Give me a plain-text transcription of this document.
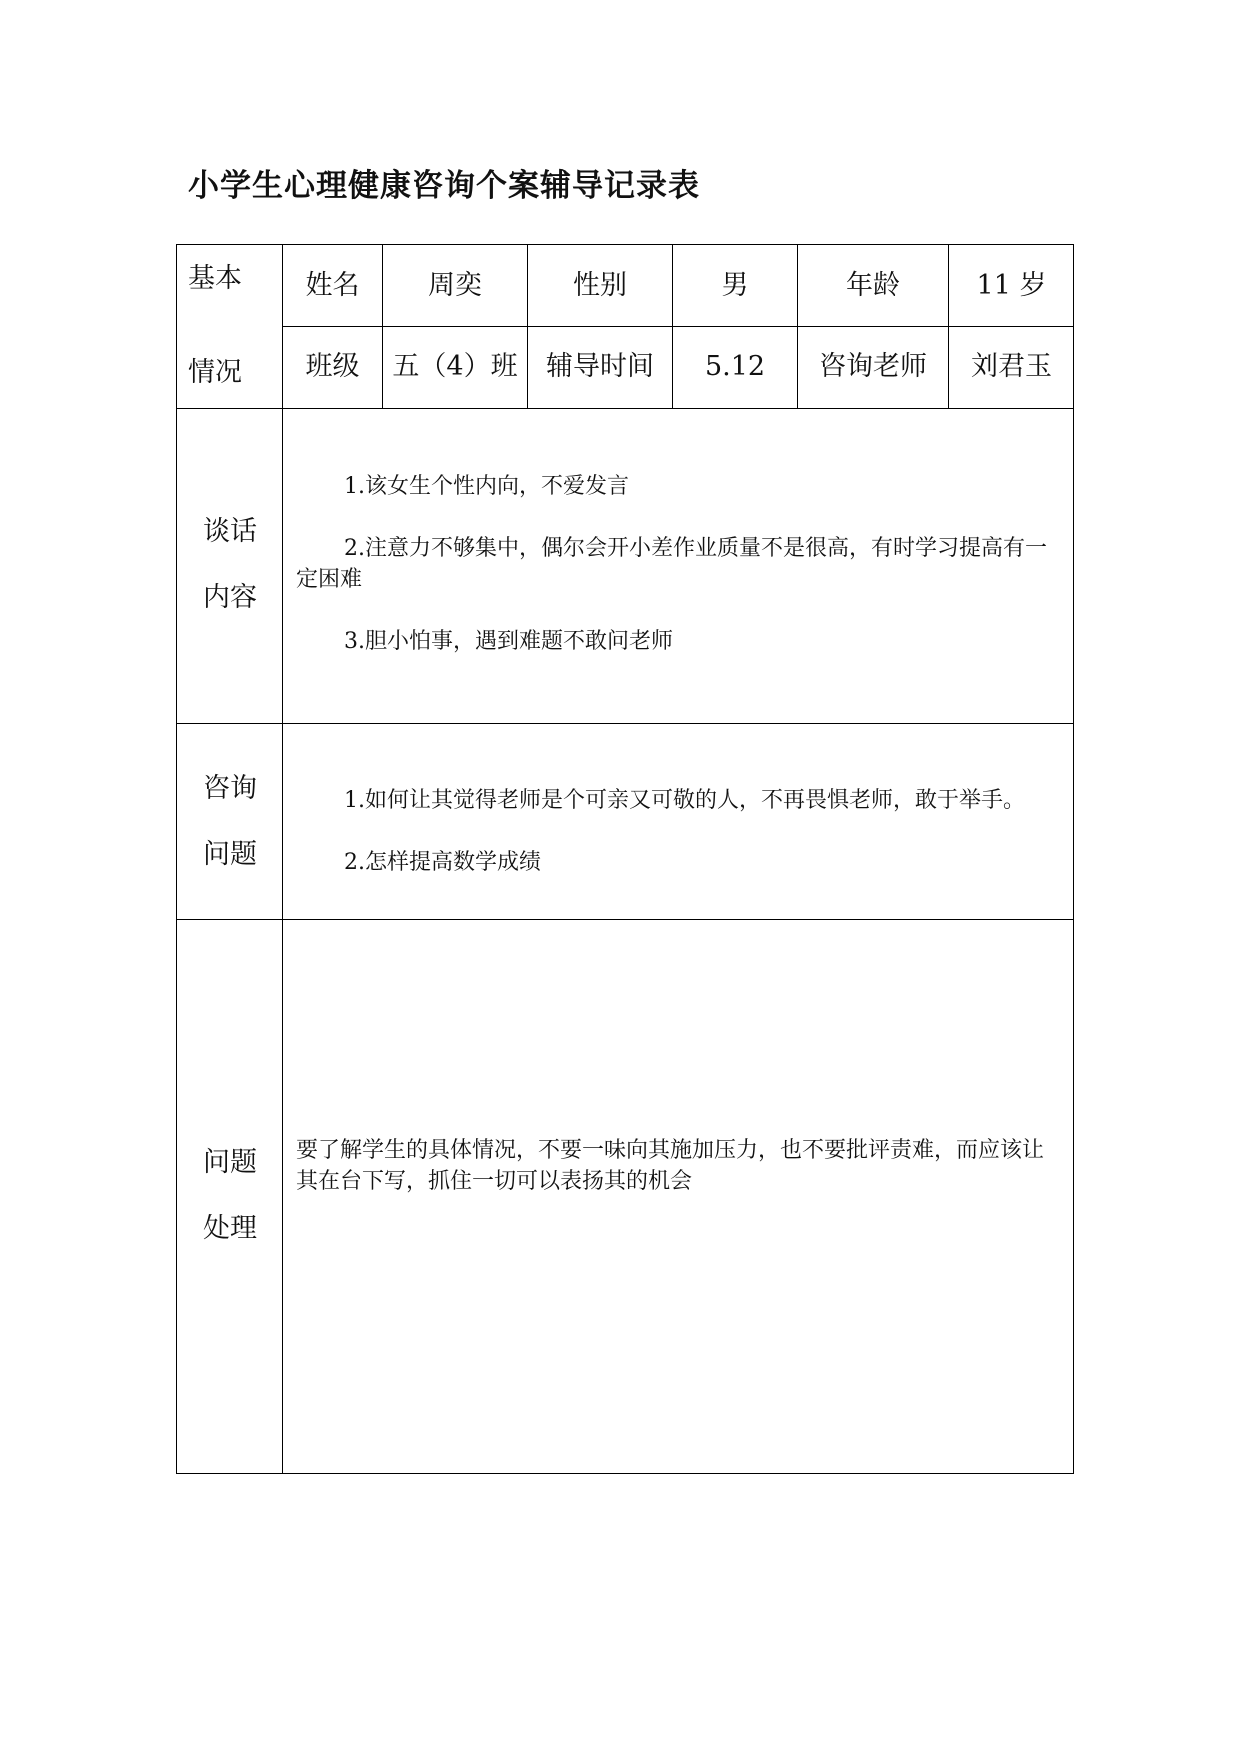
小学生心理健康咨询个案辅导记录表
基本
情况
姓名	周奕	性别	男	年龄	11 岁
班级	五（4）班	辅导时间	5.12	咨询老师	刘君玉
谈话
内容
1.该女生个性内向，不爱发言
2.注意力不够集中，偶尔会开小差作业质量不是很高，有时学习提高有一定困难
3.胆小怕事，遇到难题不敢问老师
咨询
问题
1.如何让其觉得老师是个可亲又可敬的人，不再畏惧老师，敢于举手。
2.怎样提高数学成绩
问题
处理
要了解学生的具体情况，不要一味向其施加压力，也不要批评责难，而应该让其在台下写，抓住一切可以表扬其的机会
